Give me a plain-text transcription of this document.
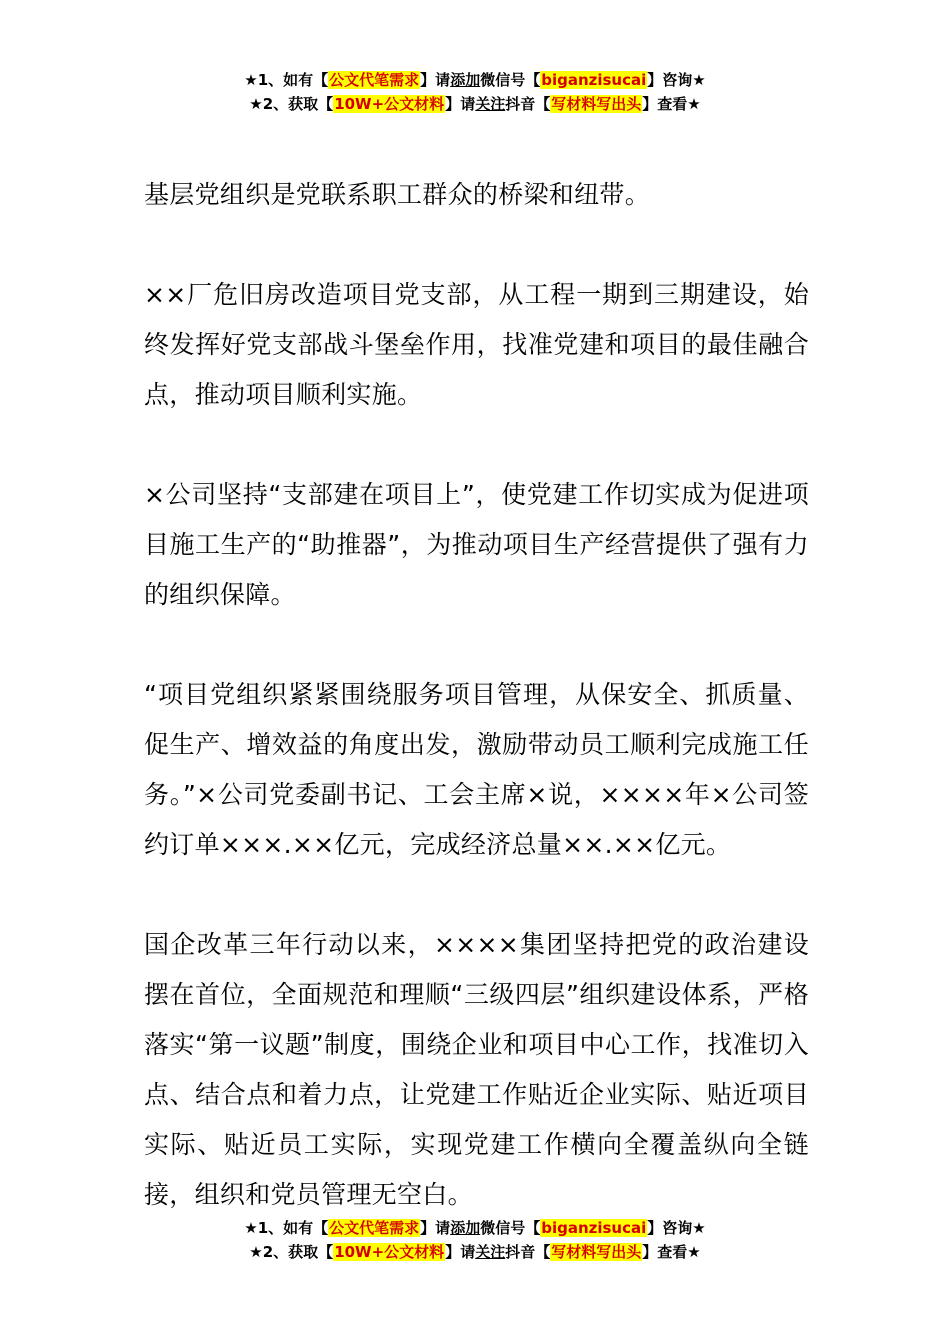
★1、如有【公文代笔需求】请添加微信号【biganzisucai】咨询★
★2、获取【10W+公文材料】请关注抖音【写材料写出头】查看★

基层党组织是党联系职工群众的桥梁和纽带。

××厂危旧房改造项目党支部，从工程一期到三期建设，始终发挥好党支部战斗堡垒作用，找准党建和项目的最佳融合点，推动项目顺利实施。

×公司坚持“支部建在项目上”，使党建工作切实成为促进项目施工生产的“助推器”，为推动项目生产经营提供了强有力的组织保障。

“项目党组织紧紧围绕服务项目管理，从保安全、抓质量、促生产、增效益的角度出发，激励带动员工顺利完成施工任务。”×公司党委副书记、工会主席×说，××××年×公司签约订单×××.××亿元，完成经济总量××.××亿元。

国企改革三年行动以来，××××集团坚持把党的政治建设摆在首位，全面规范和理顺“三级四层”组织建设体系，严格落实“第一议题”制度，围绕企业和项目中心工作，找准切入点、结合点和着力点，让党建工作贴近企业实际、贴近项目实际、贴近员工实际，实现党建工作横向全覆盖纵向全链接，组织和党员管理无空白。

★1、如有【公文代笔需求】请添加微信号【biganzisucai】咨询★
★2、获取【10W+公文材料】请关注抖音【写材料写出头】查看★
